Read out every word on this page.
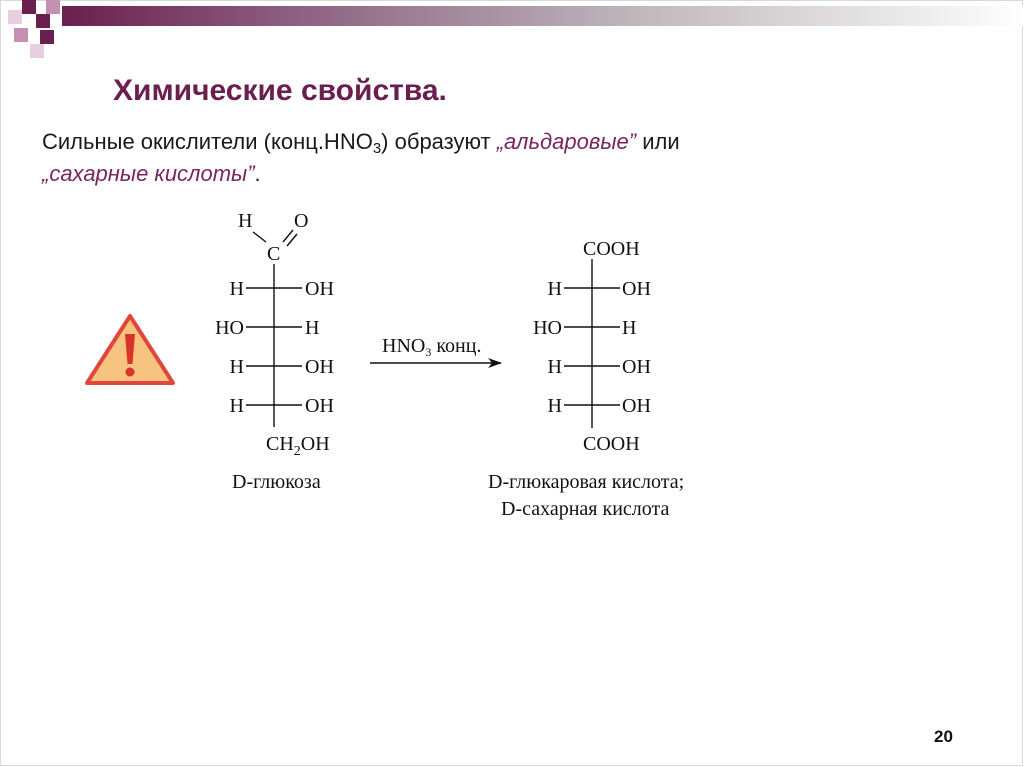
Химические свойства.
Сильные окислители $(конц.HNO_3)$ образуют „альдаровые” или
„сахарные кислоты”.
H O
C
H	OH
HO	H
H	OH
H	OH
$CH_2OH$
D-глюкоза
$HNO_3$ конц.
COOH
H	OH
HO	H
H	OH
H	OH
COOH
D-глюкаровая кислота;
D-сахарная кислота
20
